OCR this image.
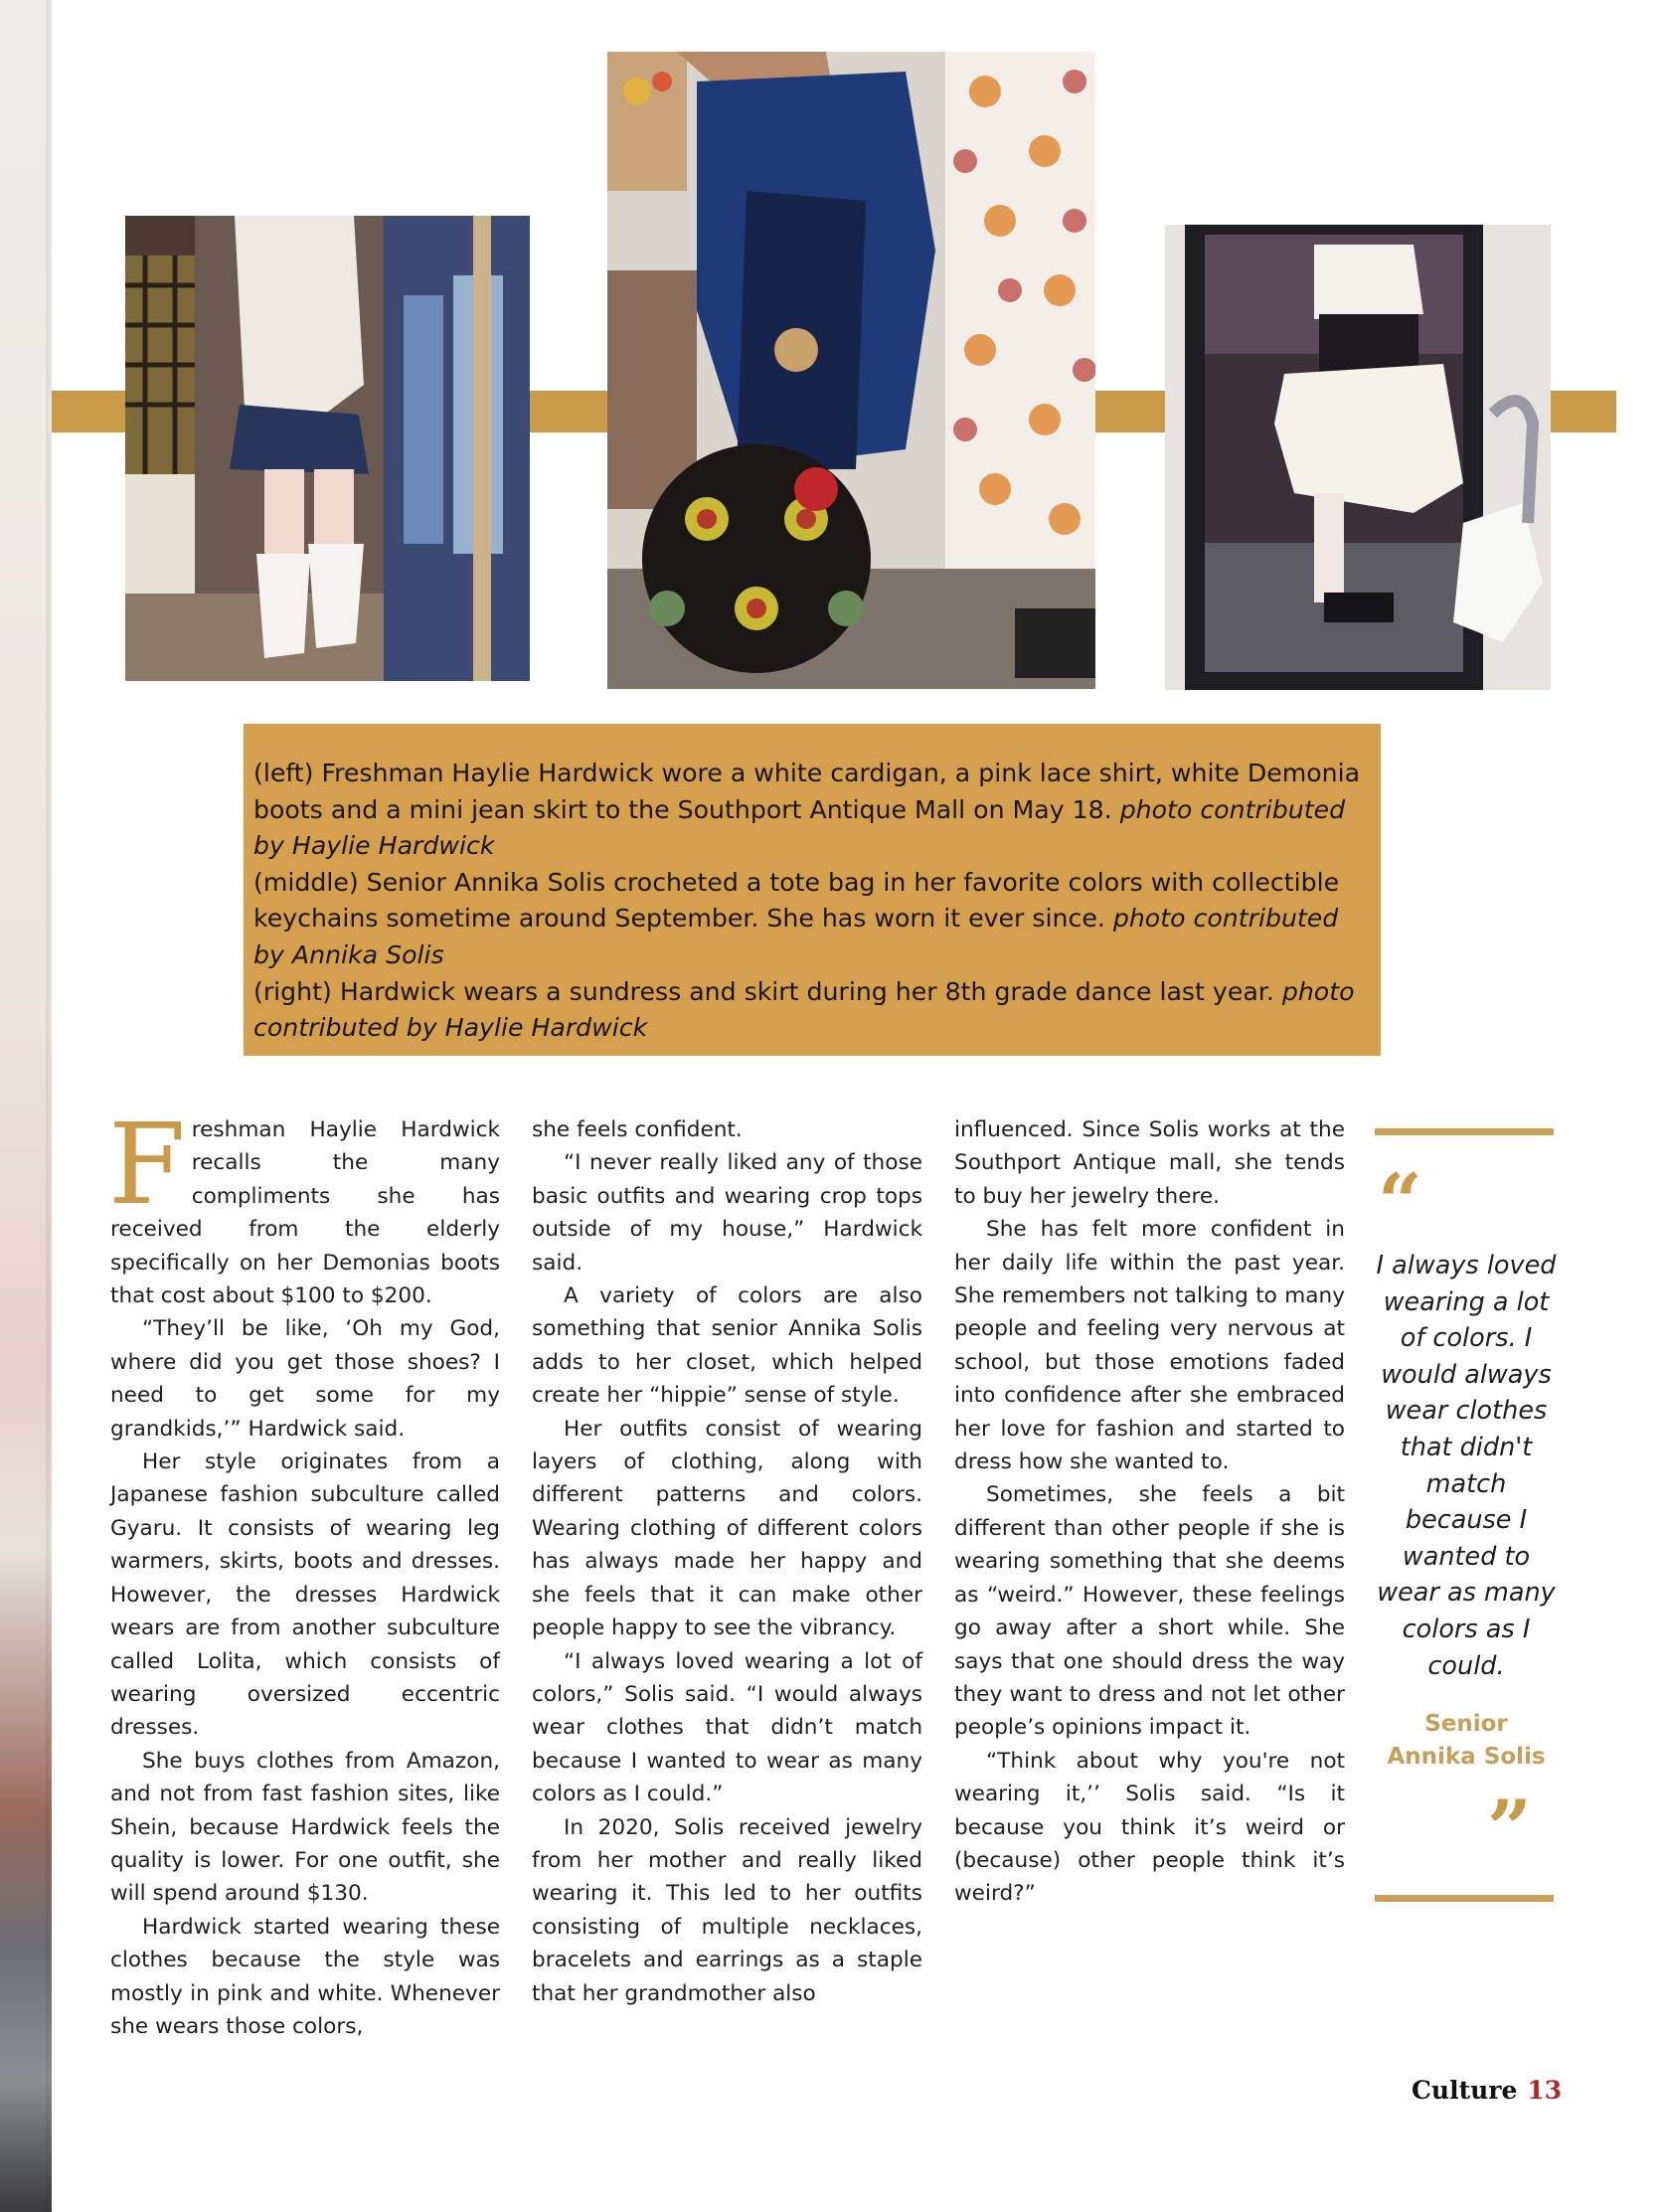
(left) Freshman Haylie Hardwick wore a white cardigan, a pink lace shirt, white Demonia boots and a mini jean skirt to the Southport Antique Mall on May 18. photo contributed by Haylie Hardwick

(middle) Senior Annika Solis crocheted a tote bag in her favorite colors with collectible keychains sometime around September. She has worn it ever since. photo contributed by Annika Solis

(right) Hardwick wears a sundress and skirt during her 8th grade dance last year. photo contributed by Haylie Hardwick

Freshman Haylie Hardwick recalls the many compliments she has received from the elderly specifically on her Demonias boots that cost about $100 to $200.

“They’ll be like, ‘Oh my God, where did you get those shoes? I need to get some for my grandkids,’” Hardwick said.

Her style originates from a Japanese fashion subculture called Gyaru. It consists of wearing leg warmers, skirts, boots and dresses. However, the dresses Hardwick wears are from another subculture called Lolita, which consists of wearing oversized eccentric dresses.

She buys clothes from Amazon, and not from fast fashion sites, like Shein, because Hardwick feels the quality is lower. For one outfit, she will spend around $130.

Hardwick started wearing these clothes because the style was mostly in pink and white. Whenever she wears those colors,

she feels confident.

“I never really liked any of those basic outfits and wearing crop tops outside of my house,” Hardwick said.

A variety of colors are also something that senior Annika Solis adds to her closet, which helped create her “hippie” sense of style.

Her outfits consist of wearing layers of clothing, along with different patterns and colors. Wearing clothing of different colors has always made her happy and she feels that it can make other people happy to see the vibrancy.

“I always loved wearing a lot of colors,” Solis said. “I would always wear clothes that didn’t match because I wanted to wear as many colors as I could.”

In 2020, Solis received jewelry from her mother and really liked wearing it. This led to her outfits consisting of multiple necklaces, bracelets and earrings as a staple that her grandmother also

influenced. Since Solis works at the Southport Antique mall, she tends to buy her jewelry there.

She has felt more confident in her daily life within the past year. She remembers not talking to many people and feeling very nervous at school, but those emotions faded into confidence after she embraced her love for fashion and started to dress how she wanted to.

Sometimes, she feels a bit different than other people if she is wearing something that she deems as “weird.” However, these feelings go away after a short while. She says that one should dress the way they want to dress and not let other people’s opinions impact it.

“Think about why you're not wearing it,’’ Solis said. “Is it because you think it’s weird or (because) other people think it’s weird?”

“
I always loved wearing a lot of colors. I would always wear clothes that didn't match because I wanted to wear as many colors as I could.
Senior
Annika Solis
”
Culture 13
